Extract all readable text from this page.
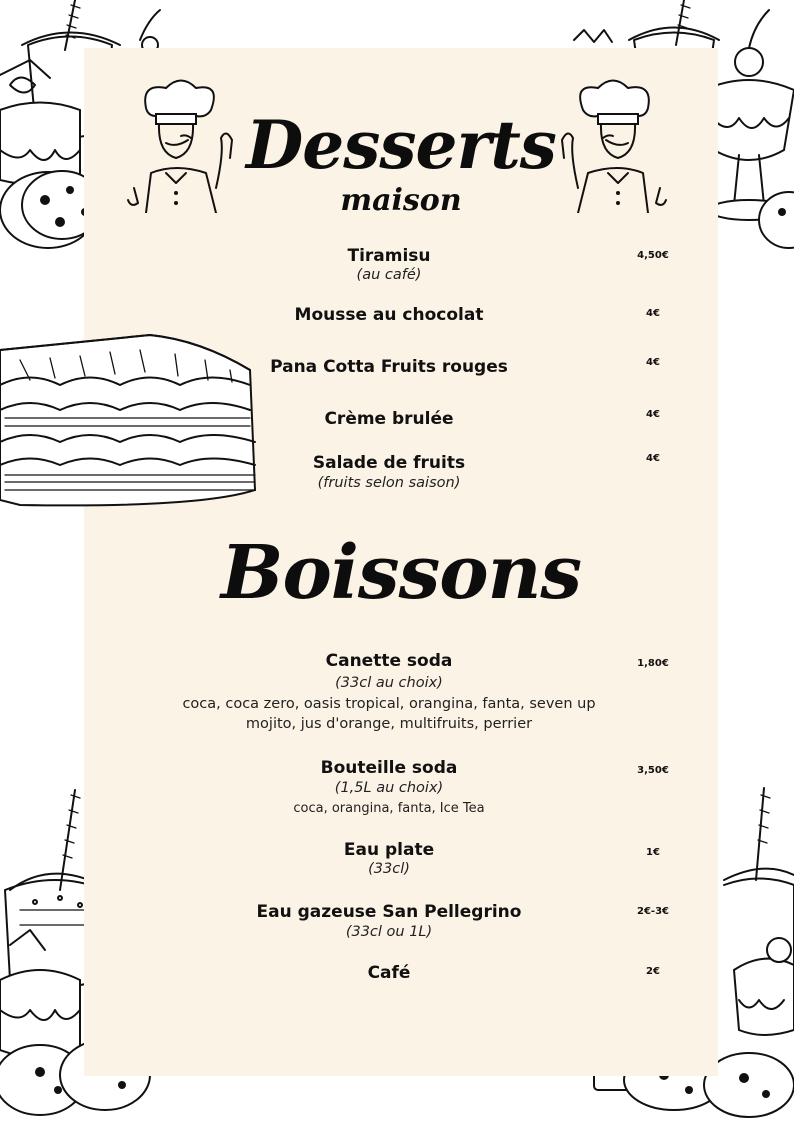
Desserts
maison
Tiramisu
(au café)
4,50€
Mousse au chocolat	4€
Pana Cotta Fruits rouges	4€
Crème brulée	4€
Salade de fruits
(fruits selon saison)
4€
Boissons
Canette soda
(33cl au choix)
coca, coca zero, oasis tropical, orangina, fanta, seven up
mojito, jus d'orange, multifruits, perrier
1,80€
Bouteille soda
(1,5L au choix)
coca, orangina, fanta, Ice Tea
3,50€
Eau plate
(33cl)
1€
Eau gazeuse San Pellegrino
(33cl ou 1L)
2€-3€
Café	2€
